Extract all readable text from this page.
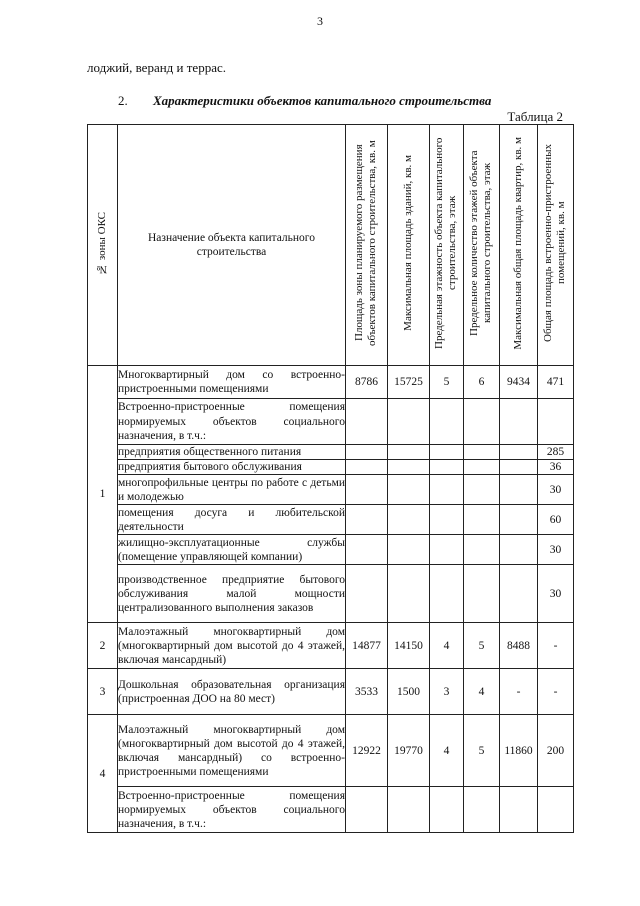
3
лоджий, веранд и террас.
2. Характеристики объектов капитального строительства
Таблица 2
№ зоны ОКС	Назначение объекта капитального строительства	Площадь зоны планируемого размещения объектов капитального строительства, кв. м	Максимальная площадь зданий, кв. м	Предельная этажность объекта капитального строительства, этаж	Предельное количество этажей объекта капитального строительства, этаж	Максимальная общая площадь квартир, кв. м	Общая площадь встроенно-пристроенных помещений, кв. м
1	Многоквартирный дом со встроенно-пристроенными помещениями	8786	15725	5	6	9434	471
	Встроенно-пристроенные помещения нормируемых объектов социального назначения, в т.ч.:						
	предприятия общественного питания						285
	предприятия бытового обслуживания						36
	многопрофильные центры по работе с детьми и молодежью						30
	помещения досуга и любительской деятельности						60
	жилищно-эксплуатационные службы (помещение управляющей компании)						30
	производственное предприятие бытового обслуживания малой мощности централизованного выполнения заказов						30
2	Малоэтажный многоквартирный дом (многоквартирный дом высотой до 4 этажей, включая мансардный)	14877	14150	4	5	8488	-
3	Дошкольная образовательная организация (пристроенная ДОО на 80 мест)	3533	1500	3	4	-	-
4	Малоэтажный многоквартирный дом (многоквартирный дом высотой до 4 этажей, включая мансардный) со встроенно-пристроенными помещениями	12922	19770	4	5	11860	200
	Встроенно-пристроенные помещения нормируемых объектов социального назначения, в т.ч.:						
